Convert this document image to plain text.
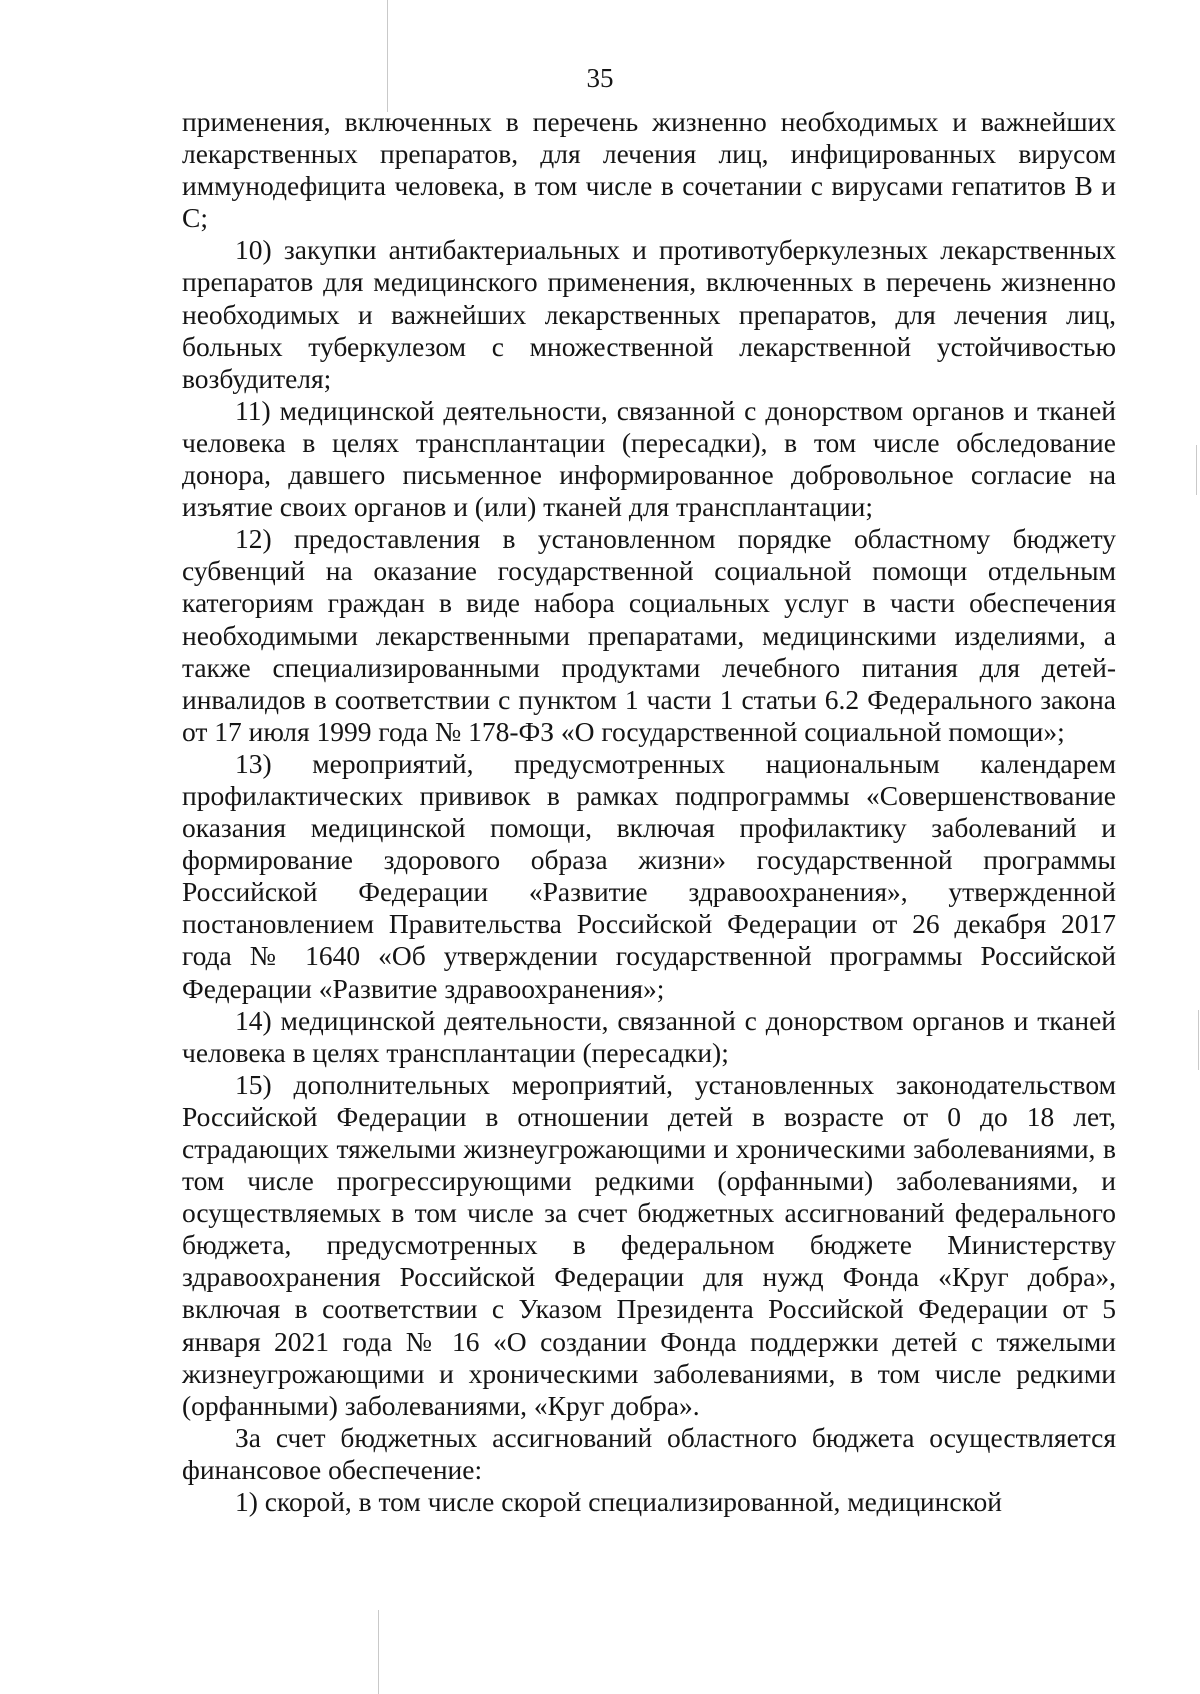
35

применения, включенных в перечень жизненно необходимых и важнейших лекарственных препаратов, для лечения лиц, инфицированных вирусом иммунодефицита человека, в том числе в сочетании с вирусами гепатитов B и C;

10) закупки антибактериальных и противотуберкулезных лекарственных препаратов для медицинского применения, включенных в перечень жизненно необходимых и важнейших лекарственных препаратов, для лечения лиц, больных туберкулезом с множественной лекарственной устойчивостью возбудителя;

11) медицинской деятельности, связанной с донорством органов и тканей человека в целях трансплантации (пересадки), в том числе обследование донора, давшего письменное информированное добровольное согласие на изъятие своих органов и (или) тканей для трансплантации;

12) предоставления в установленном порядке областному бюджету субвенций на оказание государственной социальной помощи отдельным категориям граждан в виде набора социальных услуг в части обеспечения необходимыми лекарственными препаратами, медицинскими изделиями, а также специализированными продуктами лечебного питания для детей-инвалидов в соответствии с пунктом 1 части 1 статьи 6.2 Федерального закона от 17 июля 1999 года № 178-ФЗ «О государственной социальной помощи»;

13) мероприятий, предусмотренных национальным календарем профилактических прививок в рамках подпрограммы «Совершенствование оказания медицинской помощи, включая профилактику заболеваний и формирование здорового образа жизни» государственной программы Российской Федерации «Развитие здравоохранения», утвержденной постановлением Правительства Российской Федерации от 26 декабря 2017 года № 1640 «Об утверждении государственной программы Российской Федерации «Развитие здравоохранения»;

14) медицинской деятельности, связанной с донорством органов и тканей человека в целях трансплантации (пересадки);

15) дополнительных мероприятий, установленных законодательством Российской Федерации в отношении детей в возрасте от 0 до 18 лет, страдающих тяжелыми жизнеугрожающими и хроническими заболеваниями, в том числе прогрессирующими редкими (орфанными) заболеваниями, и осуществляемых в том числе за счет бюджетных ассигнований федерального бюджета, предусмотренных в федеральном бюджете Министерству здравоохранения Российской Федерации для нужд Фонда «Круг добра», включая в соответствии с Указом Президента Российской Федерации от 5 января 2021 года № 16 «О создании Фонда поддержки детей с тяжелыми жизнеугрожающими и хроническими заболеваниями, в том числе редкими (орфанными) заболеваниями, «Круг добра».

За счет бюджетных ассигнований областного бюджета осуществляется финансовое обеспечение:

1) скорой, в том числе скорой специализированной, медицинской
